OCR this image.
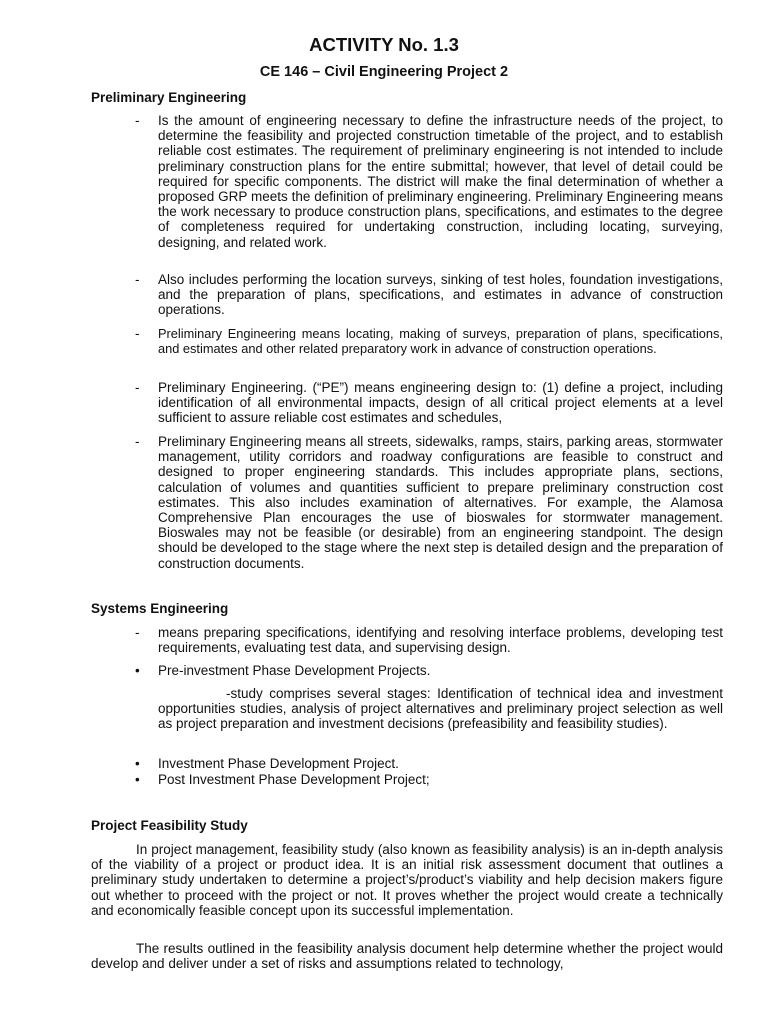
ACTIVITY No. 1.3
CE 146 – Civil Engineering Project 2
Preliminary Engineering
-	Is the amount of engineering necessary to define the infrastructure needs of the project, to determine the feasibility and projected construction timetable of the project, and to establish reliable cost estimates. The requirement of preliminary engineering is not intended to include preliminary construction plans for the entire submittal; however, that level of detail could be required for specific components. The district will make the final determination of whether a proposed GRP meets the definition of preliminary engineering. Preliminary Engineering means the work necessary to produce construction plans, specifications, and estimates to the degree of completeness required for undertaking construction, including locating, surveying, designing, and related work.
-	Also includes performing the location surveys, sinking of test holes, foundation investigations, and the preparation of plans, specifications, and estimates in advance of construction operations.
-	Preliminary Engineering means locating, making of surveys, preparation of plans, specifications, and estimates and other related preparatory work in advance of construction operations.
-	Preliminary Engineering. (“PE”) means engineering design to: (1) define a project, including identification of all environmental impacts, design of all critical project elements at a level sufficient to assure reliable cost estimates and schedules,
-	Preliminary Engineering means all streets, sidewalks, ramps, stairs, parking areas, stormwater management, utility corridors and roadway configurations are feasible to construct and designed to proper engineering standards. This includes appropriate plans, sections, calculation of volumes and quantities sufficient to prepare preliminary construction cost estimates. This also includes examination of alternatives. For example, the Alamosa Comprehensive Plan encourages the use of bioswales for stormwater management. Bioswales may not be feasible (or desirable) from an engineering standpoint. The design should be developed to the stage where the next step is detailed design and the preparation of construction documents.
Systems Engineering
-	means preparing specifications, identifying and resolving interface problems, developing test requirements, evaluating test data, and supervising design.
•	Pre-investment Phase Development Projects.
-study comprises several stages: Identification of technical idea and investment opportunities studies, analysis of project alternatives and preliminary project selection as well as project preparation and investment decisions (prefeasibility and feasibility studies).
•	Investment Phase Development Project.
•	Post Investment Phase Development Project;
Project Feasibility Study

In project management, feasibility study (also known as feasibility analysis) is an in-depth analysis of the viability of a project or product idea. It is an initial risk assessment document that outlines a preliminary study undertaken to determine a project’s/product’s viability and help decision makers figure out whether to proceed with the project or not. It proves whether the project would create a technically and economically feasible concept upon its successful implementation.

The results outlined in the feasibility analysis document help determine whether the project would develop and deliver under a set of risks and assumptions related to technology,
